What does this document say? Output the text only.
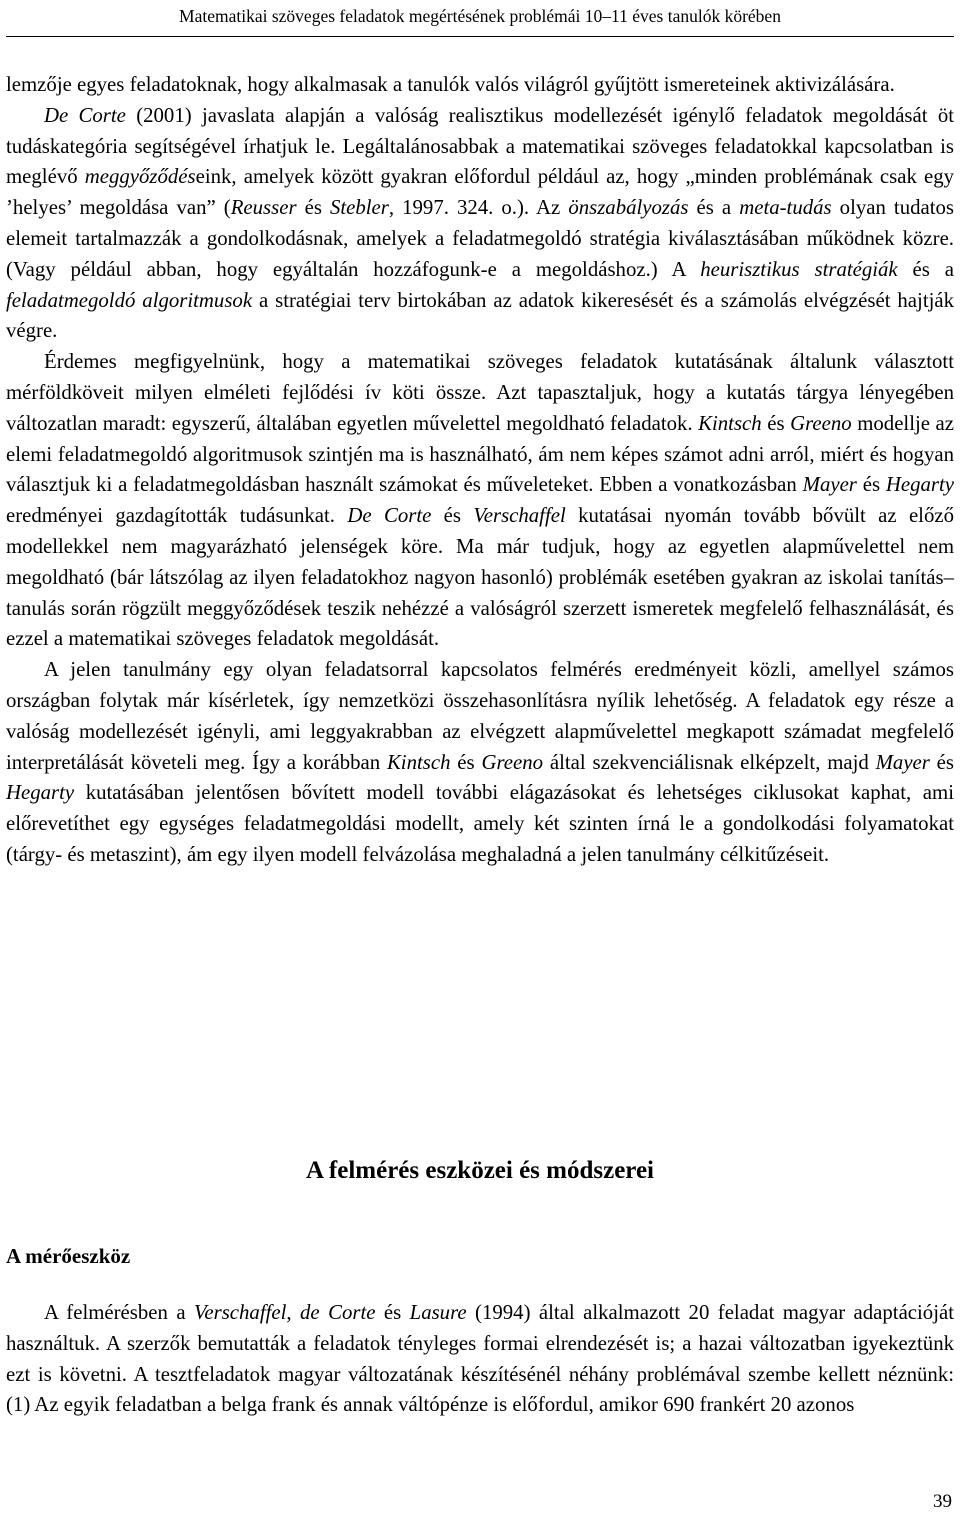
Matematikai szöveges feladatok megértésének problémái 10–11 éves tanulók körében

lemzője egyes feladatoknak, hogy alkalmasak a tanulók valós világról gyűjtött ismereteinek aktivizálására.

De Corte (2001) javaslata alapján a valóság realisztikus modellezését igénylő feladatok megoldását öt tudáskategória segítségével írhatjuk le. Legáltalánosabbak a matematikai szöveges feladatokkal kapcsolatban is meglévő meggyőződéseink, amelyek között gyakran előfordul például az, hogy „minden problémának csak egy ’helyes’ megoldása van” (Reusser és Stebler, 1997. 324. o.). Az önszabályozás és a meta-tudás olyan tudatos elemeit tartalmazzák a gondolkodásnak, amelyek a feladatmegoldó stratégia kiválasztásában működnek közre. (Vagy például abban, hogy egyáltalán hozzáfogunk-e a megoldáshoz.) A heurisztikus stratégiák és a feladatmegoldó algoritmusok a stratégiai terv birtokában az adatok kikeresését és a számolás elvégzését hajtják végre.

Érdemes megfigyelnünk, hogy a matematikai szöveges feladatok kutatásának általunk választott mérföldköveit milyen elméleti fejlődési ív köti össze. Azt tapasztaljuk, hogy a kutatás tárgya lényegében változatlan maradt: egyszerű, általában egyetlen művelettel megoldható feladatok. Kintsch és Greeno modellje az elemi feladatmegoldó algoritmusok szintjén ma is használható, ám nem képes számot adni arról, miért és hogyan választjuk ki a feladatmegoldásban használt számokat és műveleteket. Ebben a vonatkozásban Mayer és Hegarty eredményei gazdagították tudásunkat. De Corte és Verschaffel kutatásai nyomán tovább bővült az előző modellekkel nem magyarázható jelenségek köre. Ma már tudjuk, hogy az egyetlen alapművelettel nem megoldható (bár látszólag az ilyen feladatokhoz nagyon hasonló) problémák esetében gyakran az iskolai tanítás–tanulás során rögzült meggyőződések teszik nehézzé a valóságról szerzett ismeretek megfelelő felhasználását, és ezzel a matematikai szöveges feladatok megoldását.

A jelen tanulmány egy olyan feladatsorral kapcsolatos felmérés eredményeit közli, amellyel számos országban folytak már kísérletek, így nemzetközi összehasonlításra nyílik lehetőség. A feladatok egy része a valóság modellezését igényli, ami leggyakrabban az elvégzett alapművelettel megkapott számadat megfelelő interpretálását követeli meg. Így a korábban Kintsch és Greeno által szekvenciálisnak elképzelt, majd Mayer és Hegarty kutatásában jelentősen bővített modell további elágazásokat és lehetséges ciklusokat kaphat, ami előrevetíthet egy egységes feladatmegoldási modellt, amely két szinten írná le a gondolkodási folyamatokat (tárgy- és metaszint), ám egy ilyen modell felvázolása meghaladná a jelen tanulmány célkitűzéseit.

A felmérés eszközei és módszerei
A mérőeszköz

A felmérésben a Verschaffel, de Corte és Lasure (1994) által alkalmazott 20 feladat magyar adaptációját használtuk. A szerzők bemutatták a feladatok tényleges formai elrendezését is; a hazai változatban igyekeztünk ezt is követni. A tesztfeladatok magyar változatának készítésénél néhány problémával szembe kellett néznünk: (1) Az egyik feladatban a belga frank és annak váltópénze is előfordul, amikor 690 frankért 20 azonos

39
